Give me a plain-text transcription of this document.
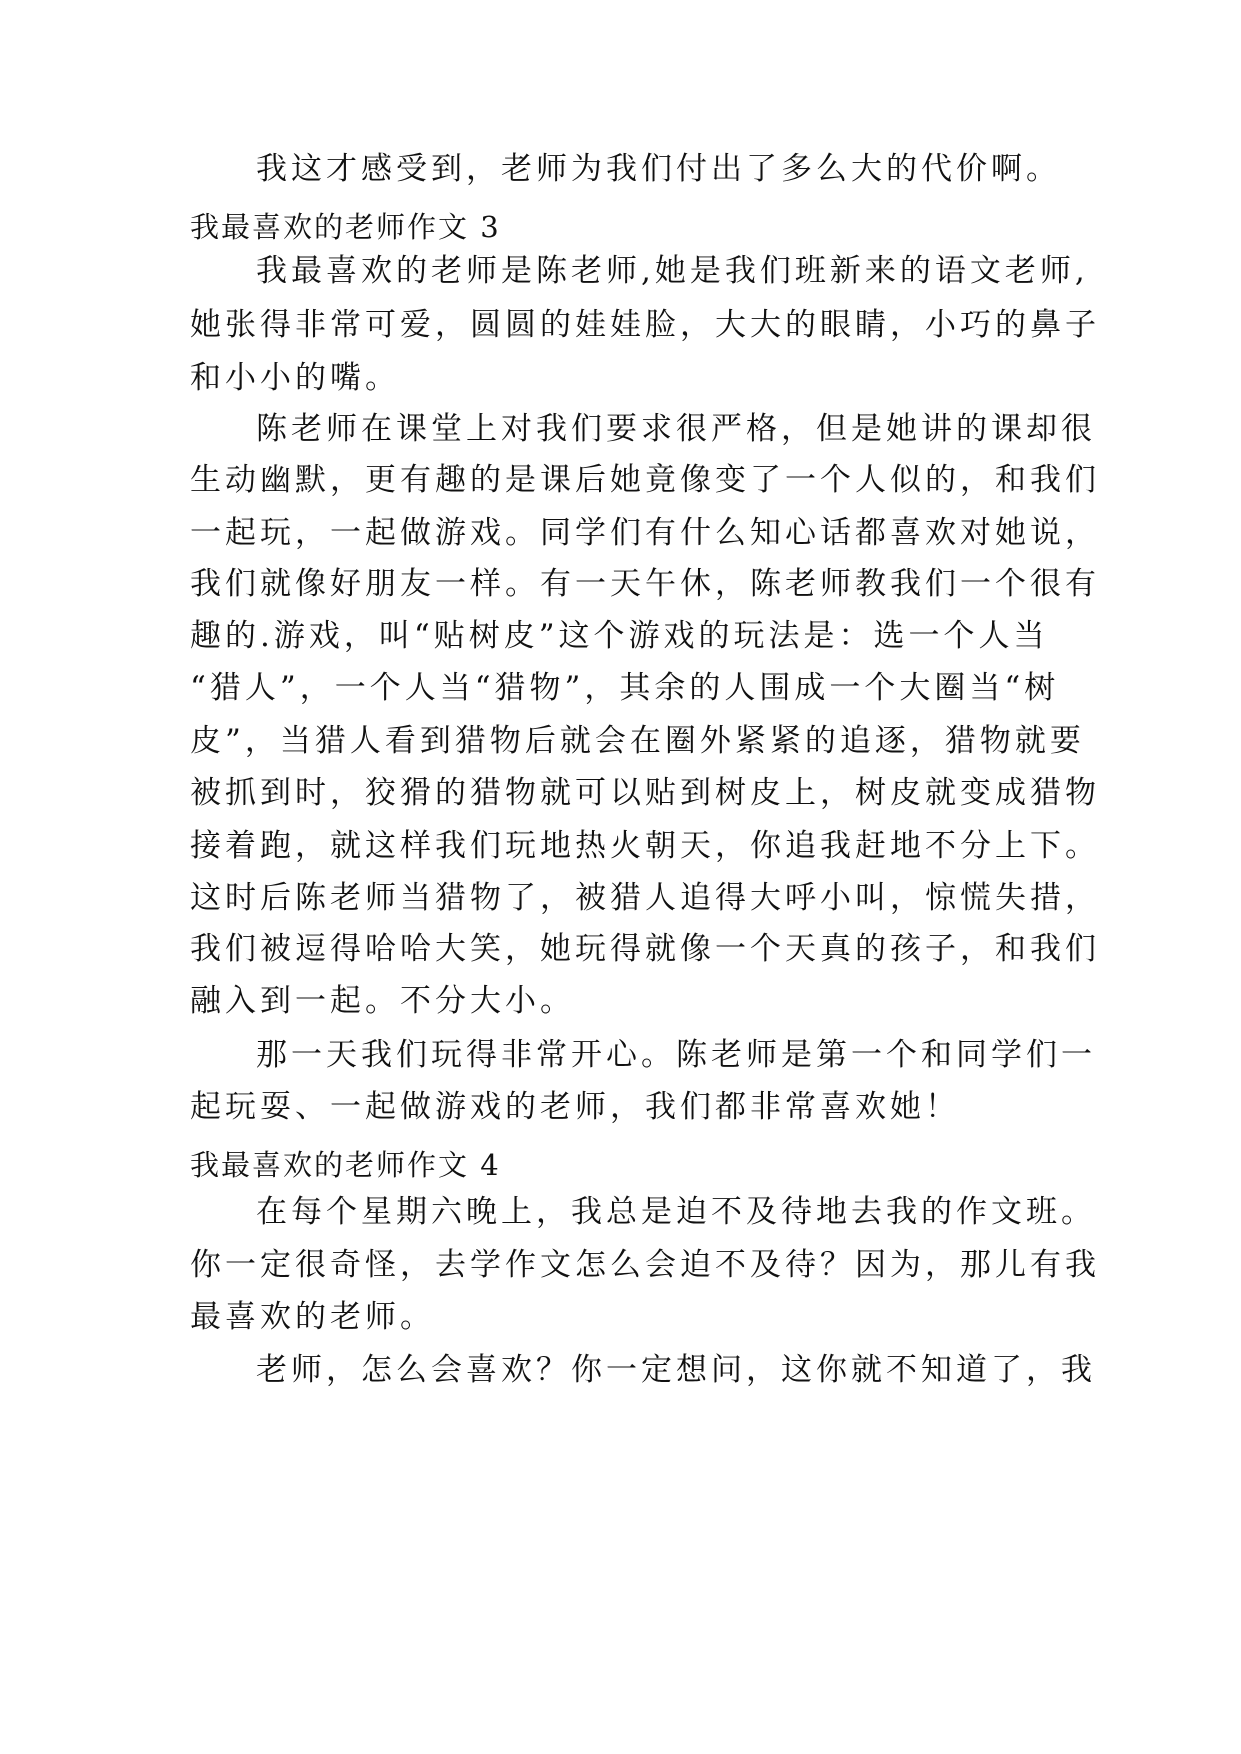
我这才感受到，老师为我们付出了多么大的代价啊。
我最喜欢的老师作文 3
我最喜欢的老师是陈老师,她是我们班新来的语文老师,
她张得非常可爱，圆圆的娃娃脸，大大的眼睛，小巧的鼻子
和小小的嘴。
陈老师在课堂上对我们要求很严格，但是她讲的课却很
生动幽默，更有趣的是课后她竟像变了一个人似的，和我们
一起玩，一起做游戏。同学们有什么知心话都喜欢对她说，
我们就像好朋友一样。有一天午休，陈老师教我们一个很有
趣的.游戏，叫“贴树皮”这个游戏的玩法是：选一个人当
“猎人”，一个人当“猎物”，其余的人围成一个大圈当“树
皮”，当猎人看到猎物后就会在圈外紧紧的追逐，猎物就要
被抓到时，狡猾的猎物就可以贴到树皮上，树皮就变成猎物
接着跑，就这样我们玩地热火朝天，你追我赶地不分上下。
这时后陈老师当猎物了，被猎人追得大呼小叫，惊慌失措，
我们被逗得哈哈大笑，她玩得就像一个天真的孩子，和我们
融入到一起。不分大小。
那一天我们玩得非常开心。陈老师是第一个和同学们一
起玩耍、一起做游戏的老师，我们都非常喜欢她！
我最喜欢的老师作文 4
在每个星期六晚上，我总是迫不及待地去我的作文班。
你一定很奇怪，去学作文怎么会迫不及待？因为，那儿有我
最喜欢的老师。
老师，怎么会喜欢？你一定想问，这你就不知道了，我
